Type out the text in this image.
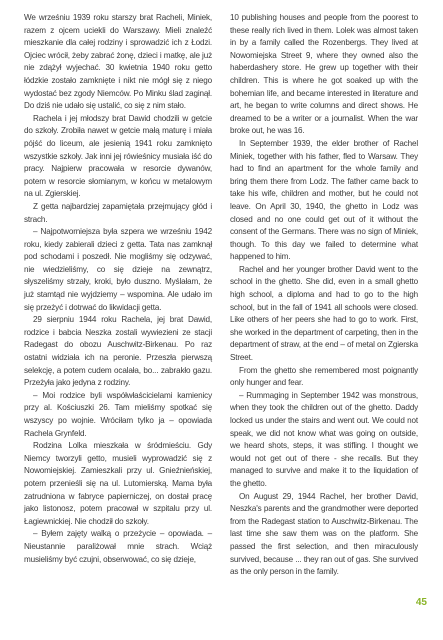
We wrześniu 1939 roku starszy brat Racheli, Miniek, razem z ojcem uciekli do Warszawy. Mieli znaleźć mieszkanie dla całej rodziny i sprowadzić ich z Łodzi. Ojciec wrócił, żeby zabrać żonę, dzieci i matkę, ale już nie zdążył wyjechać. 30 kwietnia 1940 roku getto łódzkie zostało zamknięte i nikt nie mógł się z niego wydostać bez zgody Niemców. Po Minku ślad zaginął. Do dziś nie udało się ustalić, co się z nim stało.

Rachela i jej młodszy brat Dawid chodzili w getcie do szkoły. Zrobiła nawet w getcie małą maturę i miała pójść do liceum, ale jesienią 1941 roku zamknięto wszystkie szkoły. Jak inni jej rówieśnicy musiała iść do pracy. Najpierw pracowała w resorcie dywanów, potem w resorcie słomianym, w końcu w metalowym na ul. Zgierskiej.

Z getta najbardziej zapamiętała przejmujący głód i strach.

– Najpotworniejsza była szpera we wrześniu 1942 roku, kiedy zabierali dzieci z getta. Tata nas zamknął pod schodami i poszedł. Nie mogliśmy się odzywać, nie wiedzieliśmy, co się dzieje na zewnątrz, słyszeliśmy strzały, kroki, było duszno. Myślałam, że już stamtąd nie wyjdziemy – wspomina. Ale udało im się przeżyć i dotrwać do likwidacji getta.

29 sierpniu 1944 roku Rachela, jej brat Dawid, rodzice i babcia Neszka zostali wywiezieni ze stacji Radegast do obozu Auschwitz-Birkenau. Po raz ostatni widziała ich na peronie. Przeszła pierwszą selekcję, a potem cudem ocalała, bo... zabrakło gazu. Przeżyła jako jedyna z rodziny.

– Moi rodzice byli współwłaścicielami kamienicy przy al. Kościuszki 26. Tam mieliśmy spotkać się wszyscy po wojnie. Wróciłam tylko ja – opowiada Rachela Grynfeld.

Rodzina Lolka mieszkała w śródmieściu. Gdy Niemcy tworzyli getto, musieli wyprowadzić się z Nowomiejskiej. Zamieszkali przy ul. Gnieźnieńskiej, potem przenieśli się na ul. Lutomierską. Mama była zatrudniona w fabryce papierniczej, on dostał pracę jako listonosz, potem pracował w szpitalu przy ul. Łagiewnickiej. Nie chodził do szkoły.

– Byłem zajęty walką o przeżycie – opowiada. – Nieustannie paraliżował mnie strach. Wciąż musieliśmy być czujni, obserwować, co się dzieje,

10 publishing houses and people from the poorest to these really rich lived in them. Lolek was almost taken in by a family called the Rozenbergs. They lived at Nowomiejska Street 9, where they owned also the haberdashery store. He grew up together with their children. This is where he got soaked up with the bohemian life, and became interested in literature and art, he began to write columns and direct shows. He dreamed to be a writer or a journalist. When the war broke out, he was 16.

In September 1939, the elder brother of Rachel Miniek, together with his father, fled to Warsaw. They had to find an apartment for the whole family and bring them there from Lodz. The father came back to take his wife, children and mother, but he could not leave. On April 30, 1940, the ghetto in Lodz was closed and no one could get out of it without the consent of the Germans. There was no sign of Miniek, though. To this day we failed to determine what happened to him.

Rachel and her younger brother David went to the school in the ghetto. She did, even in a small ghetto high school, a diploma and had to go to the high school, but in the fall of 1941 all schools were closed. Like others of her peers she had to go to work. First, she worked in the department of carpeting, then in the department of straw, at the end – of metal on Zgierska Street.

From the ghetto she remembered most poignantly only hunger and fear.

– Rummaging in September 1942 was monstrous, when they took the children out of the ghetto. Daddy locked us under the stairs and went out. We could not speak, we did not know what was going on outside, we heard shots, steps, it was stifling. I thought we would not get out of there - she recalls. But they managed to survive and make it to the liquidation of the ghetto.

On August 29, 1944 Rachel, her brother David, Neszka's parents and the grandmother were deported from the Radegast station to Auschwitz-Birkenau. The last time she saw them was on the platform. She passed the first selection, and then miraculously survived, because ... they ran out of gas. She survived as the only person in the family.

45
